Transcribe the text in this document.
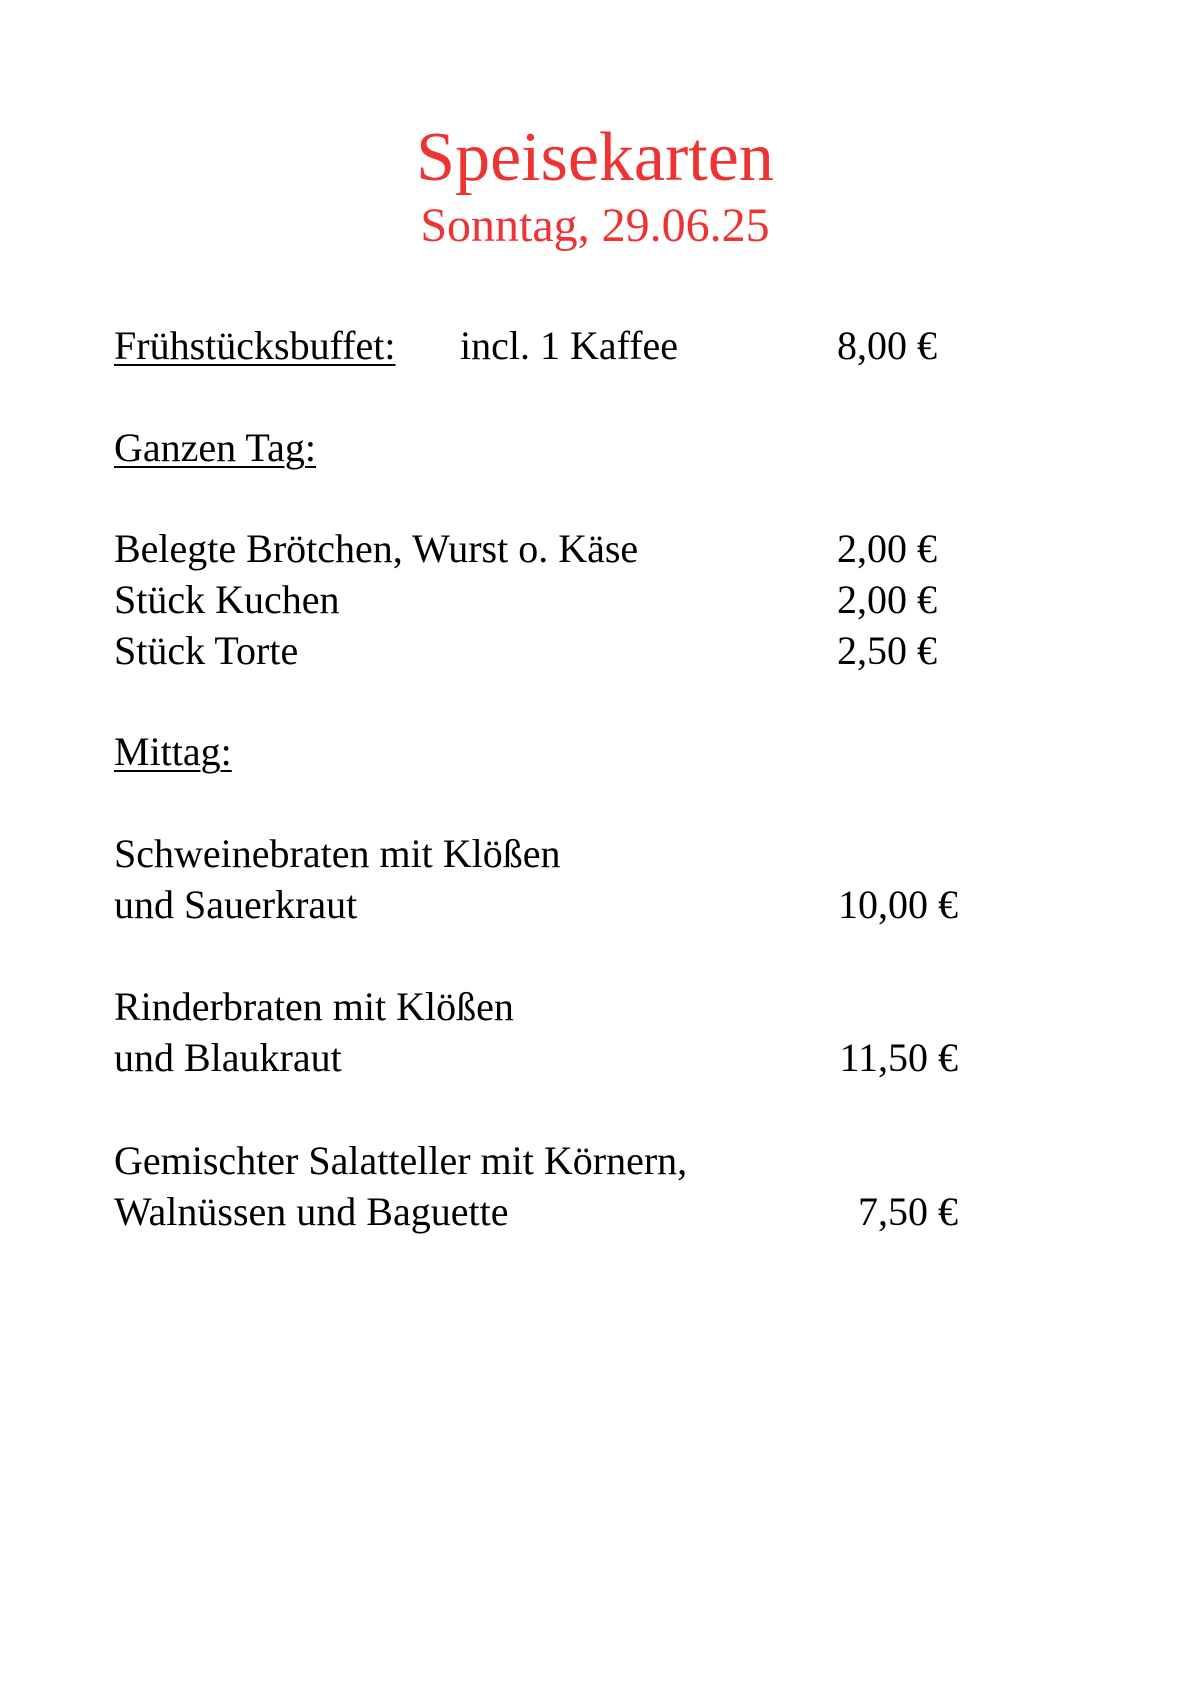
Speisekarten
Sonntag, 29.06.25
Frühstücksbuffet: incl. 1 Kaffee	8,00 €
Ganzen Tag:
Belegte Brötchen, Wurst o. Käse	2,00 €
Stück Kuchen	2,00 €
Stück Torte	2,50 €
Mittag:
Schweinebraten mit Klößen
und Sauerkraut	10,00 €
Rinderbraten mit Klößen
und Blaukraut	11,50 €
Gemischter Salatteller mit Körnern,
Walnüssen und Baguette	7,50 €
